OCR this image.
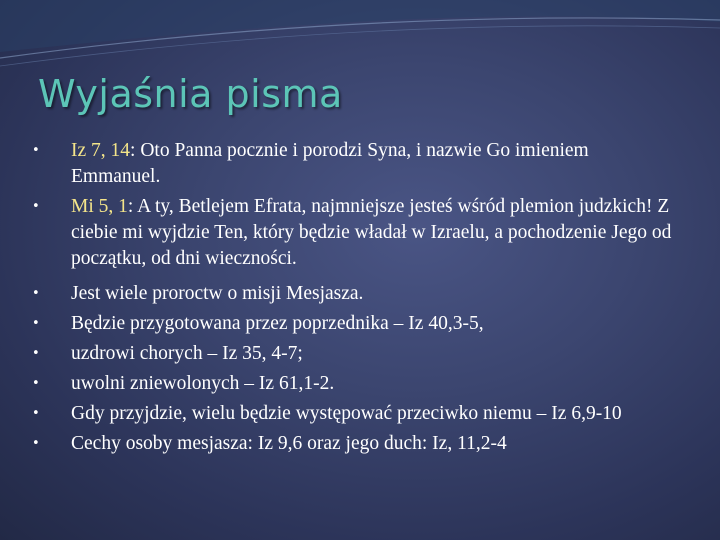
Wyjaśnia pisma
• Iz 7, 14: Oto Panna pocznie i porodzi Syna, i nazwie Go imieniem Emmanuel.
• Mi 5, 1: A ty, Betlejem Efrata, najmniejsze jesteś wśród plemion judzkich! Z ciebie mi wyjdzie Ten, który będzie władał w Izraelu, a pochodzenie Jego od początku, od dni wieczności.
• Jest wiele proroctw o misji Mesjasza.
• Będzie przygotowana przez poprzednika – Iz 40,3-5,
• uzdrowi chorych – Iz 35, 4-7;
• uwolni zniewolonych – Iz 61,1-2.
• Gdy przyjdzie, wielu będzie występować przeciwko niemu – Iz 6,9-10
• Cechy osoby mesjasza: Iz 9,6 oraz jego duch: Iz, 11,2-4
